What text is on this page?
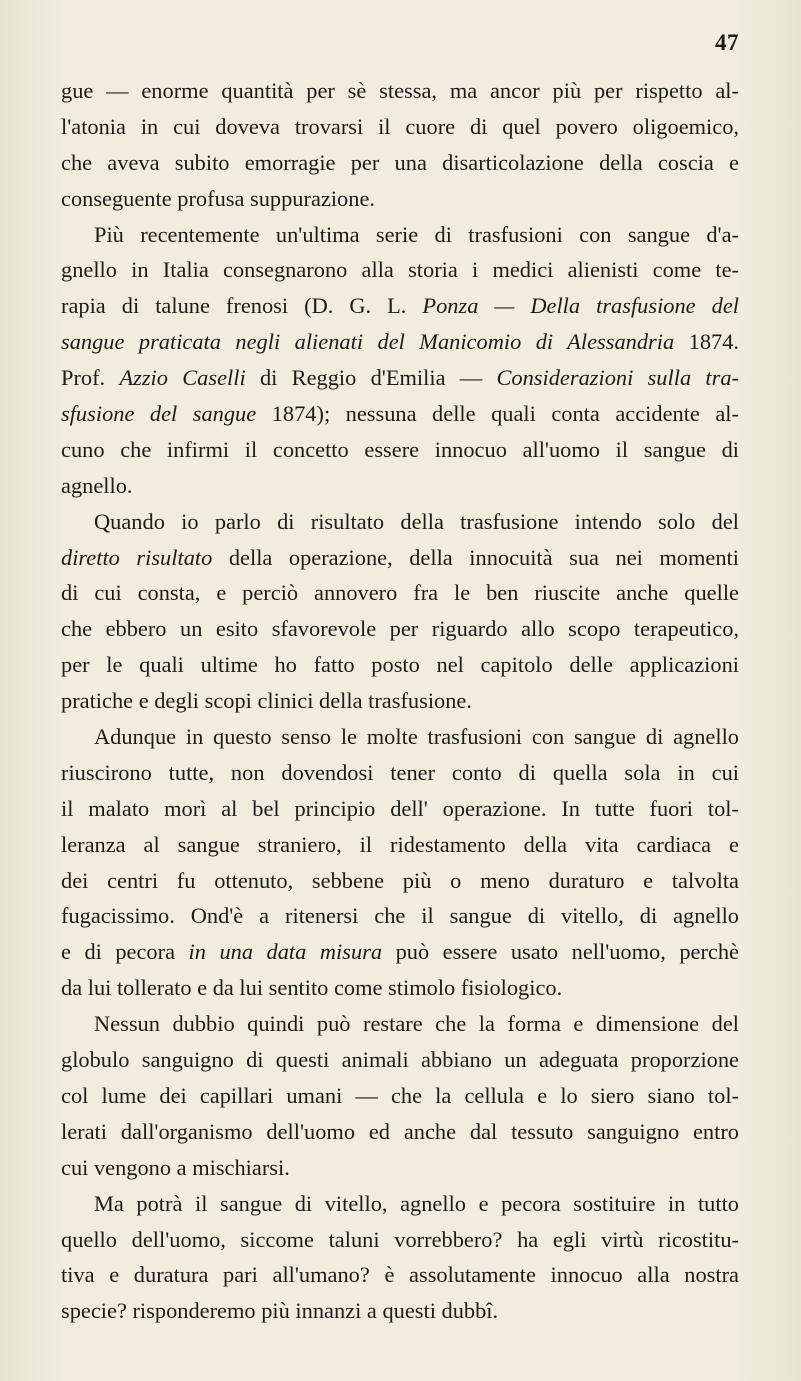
47
gue — enorme quantità per sè stessa, ma ancor più per rispetto al-
l'atonia in cui doveva trovarsi il cuore di quel povero oligoemico,
che aveva subito emorragie per una disarticolazione della coscia e
conseguente profusa suppurazione.
Più recentemente un'ultima serie di trasfusioni con sangue d'a-
gnello in Italia consegnarono alla storia i medici alienisti come te-
rapia di talune frenosi (D. G. L. Ponza — Della trasfusione del
sangue praticata negli alienati del Manicomio di Alessandria 1874.
Prof. Azzio Caselli di Reggio d'Emilia — Considerazioni sulla tra-
sfusione del sangue 1874); nessuna delle quali conta accidente al-
cuno che infirmi il concetto essere innocuo all'uomo il sangue di
agnello.
Quando io parlo di risultato della trasfusione intendo solo del
diretto risultato della operazione, della innocuità sua nei momenti
di cui consta, e perciò annovero fra le ben riuscite anche quelle
che ebbero un esito sfavorevole per riguardo allo scopo terapeutico,
per le quali ultime ho fatto posto nel capitolo delle applicazioni
pratiche e degli scopi clinici della trasfusione.
Adunque in questo senso le molte trasfusioni con sangue di agnello
riuscirono tutte, non dovendosi tener conto di quella sola in cui
il malato morì al bel principio dell' operazione. In tutte fuori tol-
leranza al sangue straniero, il ridestamento della vita cardiaca e
dei centri fu ottenuto, sebbene più o meno duraturo e talvolta
fugacissimo. Ond'è a ritenersi che il sangue di vitello, di agnello
e di pecora in una data misura può essere usato nell'uomo, perchè
da lui tollerato e da lui sentito come stimolo fisiologico.
Nessun dubbio quindi può restare che la forma e dimensione del
globulo sanguigno di questi animali abbiano un adeguata proporzione
col lume dei capillari umani — che la cellula e lo siero siano tol-
lerati dall'organismo dell'uomo ed anche dal tessuto sanguigno entro
cui vengono a mischiarsi.
Ma potrà il sangue di vitello, agnello e pecora sostituire in tutto
quello dell'uomo, siccome taluni vorrebbero? ha egli virtù ricostitu-
tiva e duratura pari all'umano? è assolutamente innocuo alla nostra
specie? risponderemo più innanzi a questi dubbî.
